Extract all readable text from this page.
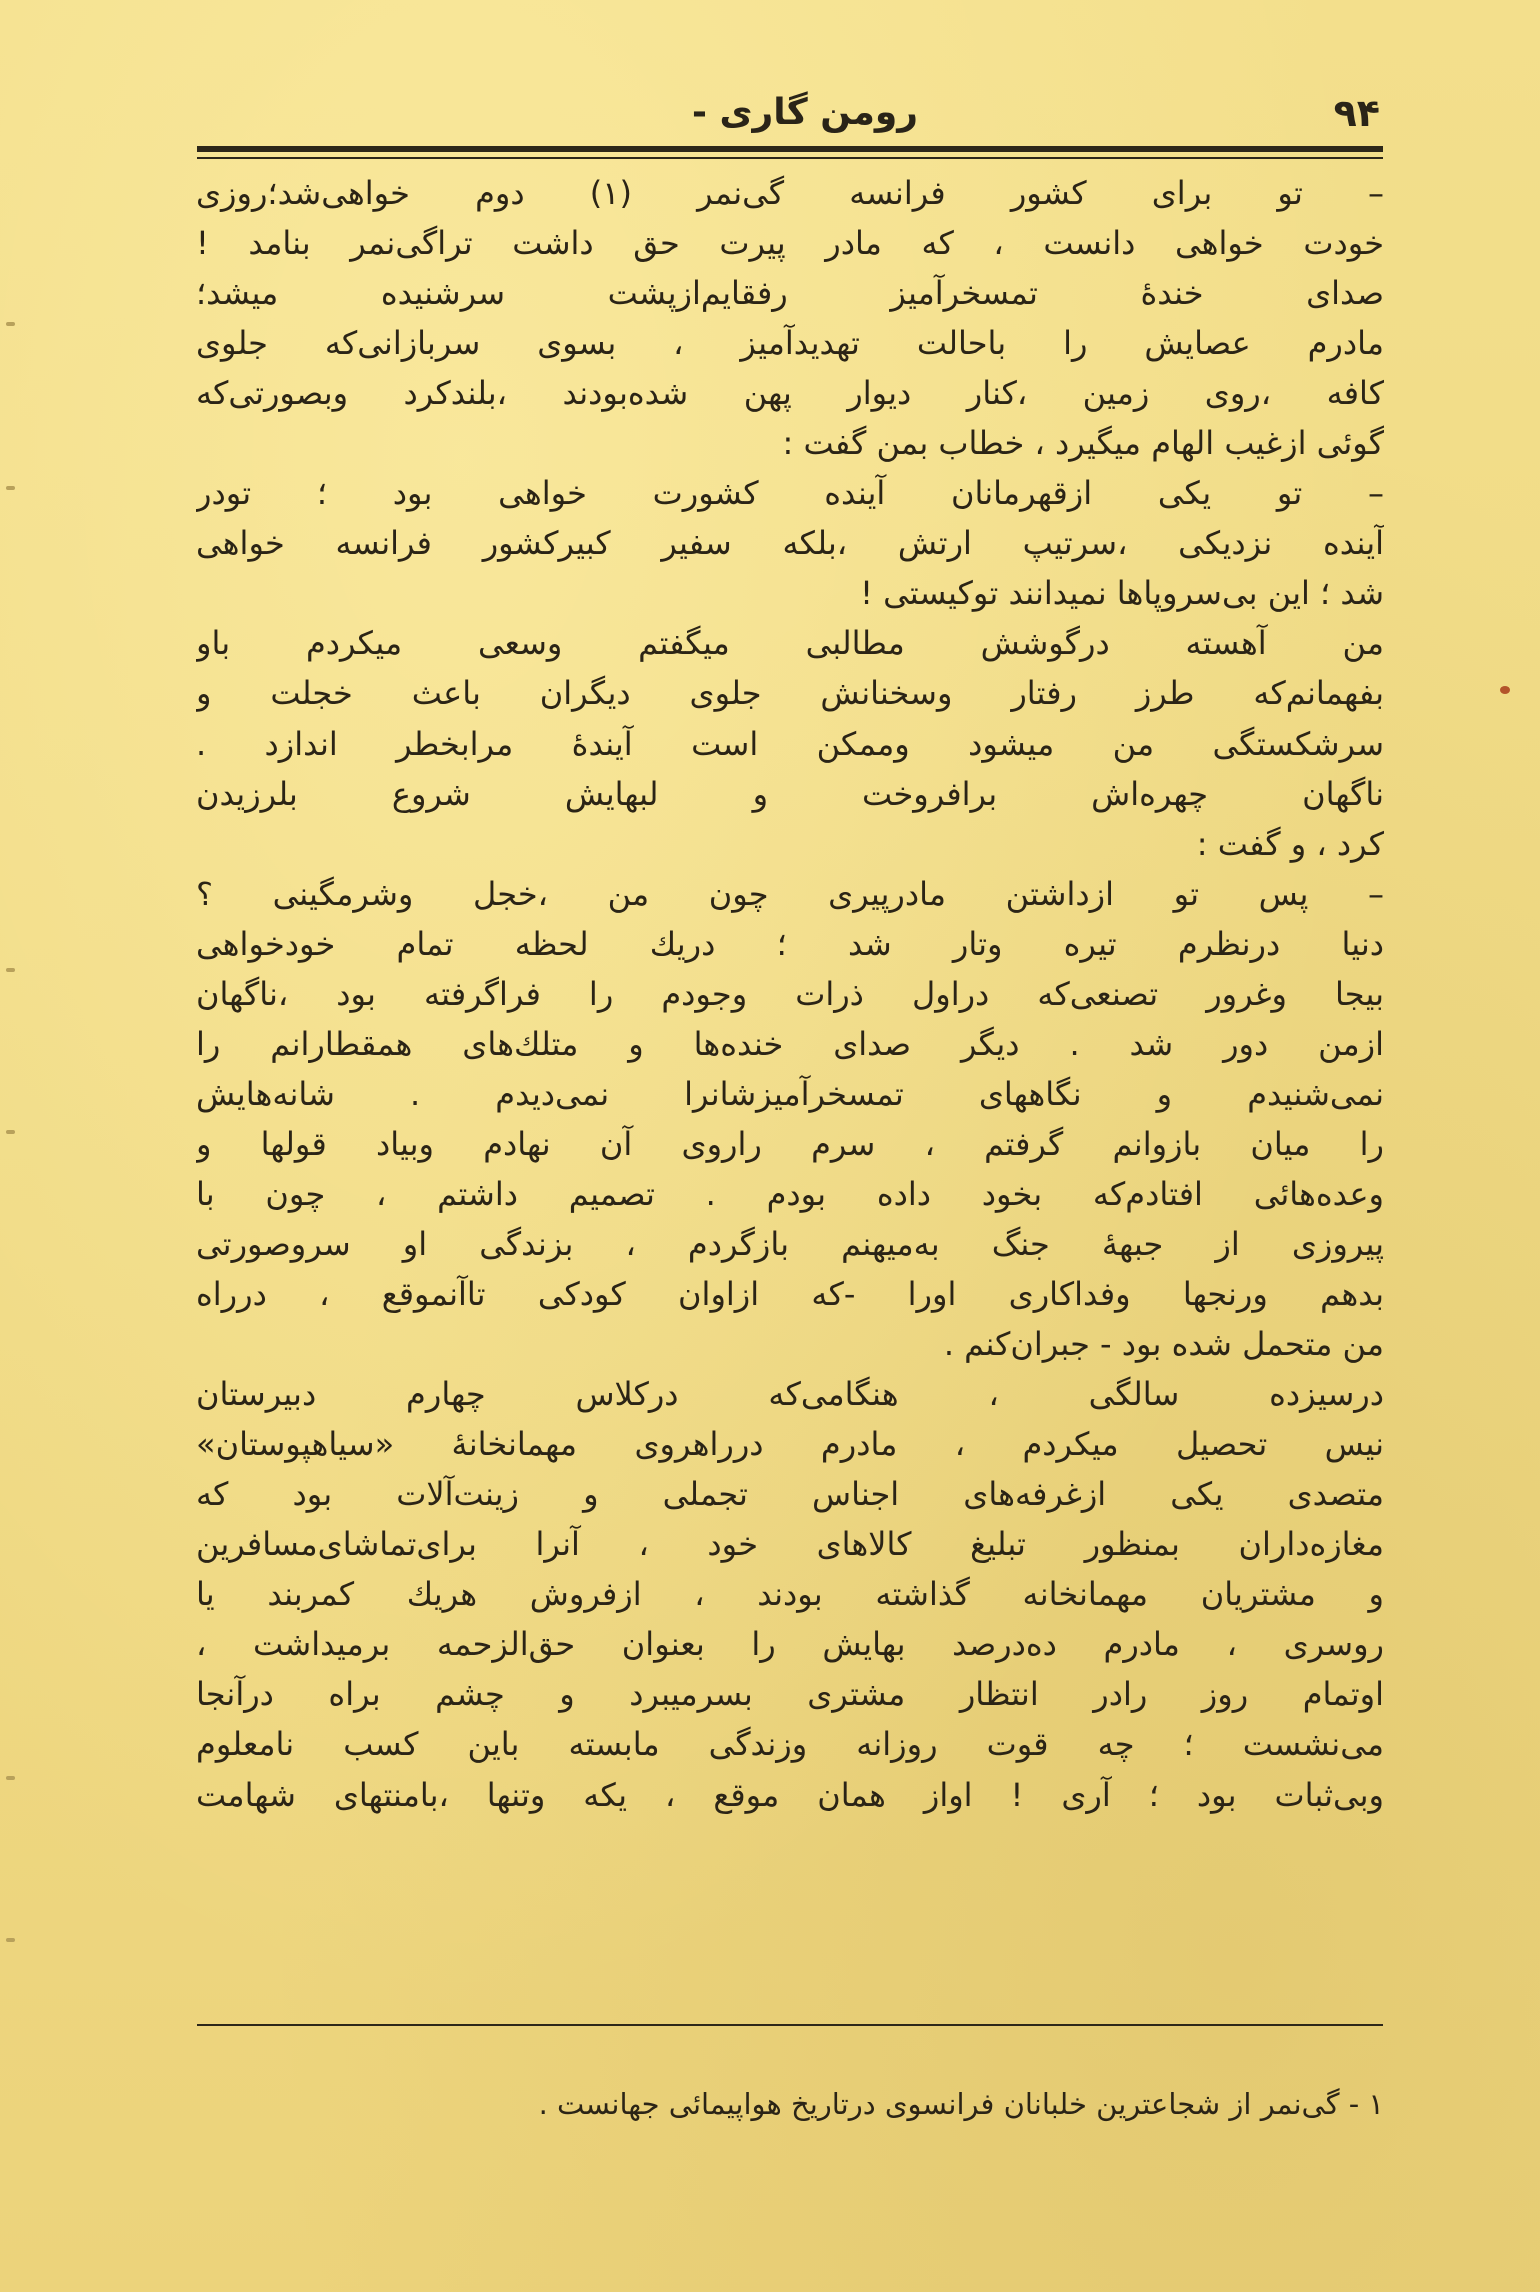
۹۴
رومن گاری -
– تو برای کشور فرانسه گی‌نمر (۱) دوم خواهی‌شد؛روزی
خودت خواهی دانست ، که مادر پیرت حق داشت تراگی‌نمر بنامد !
صدای خندهٔ تمسخرآمیز رفقایم‌ازپشت سرشنیده میشد؛
مادرم عصایش را باحالت تهدیدآمیز ، بسوی سربازانی‌که جلوی
کافه ،روی زمین ،کنار دیوار پهن شده‌بودند ،بلندکرد وبصورتی‌که
گوئی ازغیب الهام میگیرد ، خطاب بمن گفت :
– تو یکی ازقهرمانان آینده کشورت خواهی بود ؛ تودر
آینده نزدیکی ،سرتیپ ارتش ،بلکه سفیر کبیرکشور فرانسه خواهی
شد ؛ این بی‌سروپاها نمیدانند توکیستی !
من آهسته درگوشش مطالبی میگفتم وسعی میکردم باو
بفهمانم‌که طرز رفتار وسخنانش جلوی دیگران باعث خجلت و
سرشکستگی من میشود وممکن است آیندهٔ مرابخطر اندازد .
ناگهان چهره‌اش برافروخت و لبهایش شروع بلرزیدن
کرد ، و گفت :
– پس تو ازداشتن مادرپیری چون من ،خجل وشرمگینی ؟
دنیا درنظرم تیره وتار شد ؛ دریك لحظه تمام خودخواهی
بیجا وغرور تصنعی‌که دراول ذرات وجودم را فراگرفته بود ،ناگهان
ازمن دور شد . دیگر صدای خنده‌ها و متلك‌های همقطارانم را
نمی‌شنیدم و نگاههای تمسخرآمیزشانرا نمی‌دیدم . شانه‌هایش
را میان بازوانم گرفتم ، سرم راروی آن نهادم وبیاد قولها و
وعده‌هائی افتادم‌که بخود داده بودم . تصمیم داشتم ، چون با
پیروزی از جبههٔ جنگ به‌میهنم بازگردم ، بزندگی او سروصورتی
بدهم ورنجها وفداکاری اورا -که ازاوان کودکی تاآنموقع ، درراه
من متحمل شده بود - جبران‌کنم .
درسیزده سالگی ، هنگامی‌که درکلاس چهارم دبیرستان
نیس تحصیل میکردم ، مادرم درراهروی مهمانخانهٔ «سیاهپوستان»
متصدی یکی ازغرفه‌های اجناس تجملی و زینت‌آلات بود که
مغازه‌داران بمنظور تبلیغ کالاهای خود ، آنرا برای‌تماشای‌مسافرین
و مشتریان مهمانخانه گذاشته بودند ، ازفروش هریك کمربند یا
روسری ، مادرم ده‌درصد بهایش را بعنوان حق‌الزحمه برمیداشت ،
اوتمام روز رادر انتظار مشتری بسرمیبرد و چشم براه درآنجا
می‌نشست ؛ چه قوت روزانه وزندگی مابسته باین کسب نامعلوم
وبی‌ثبات بود ؛ آری ! اواز همان موقع ، یکه وتنها ،بامنتهای شهامت
۱ - گی‌نمر از شجاعترین خلبانان فرانسوی درتاریخ هواپیمائی جهانست .
